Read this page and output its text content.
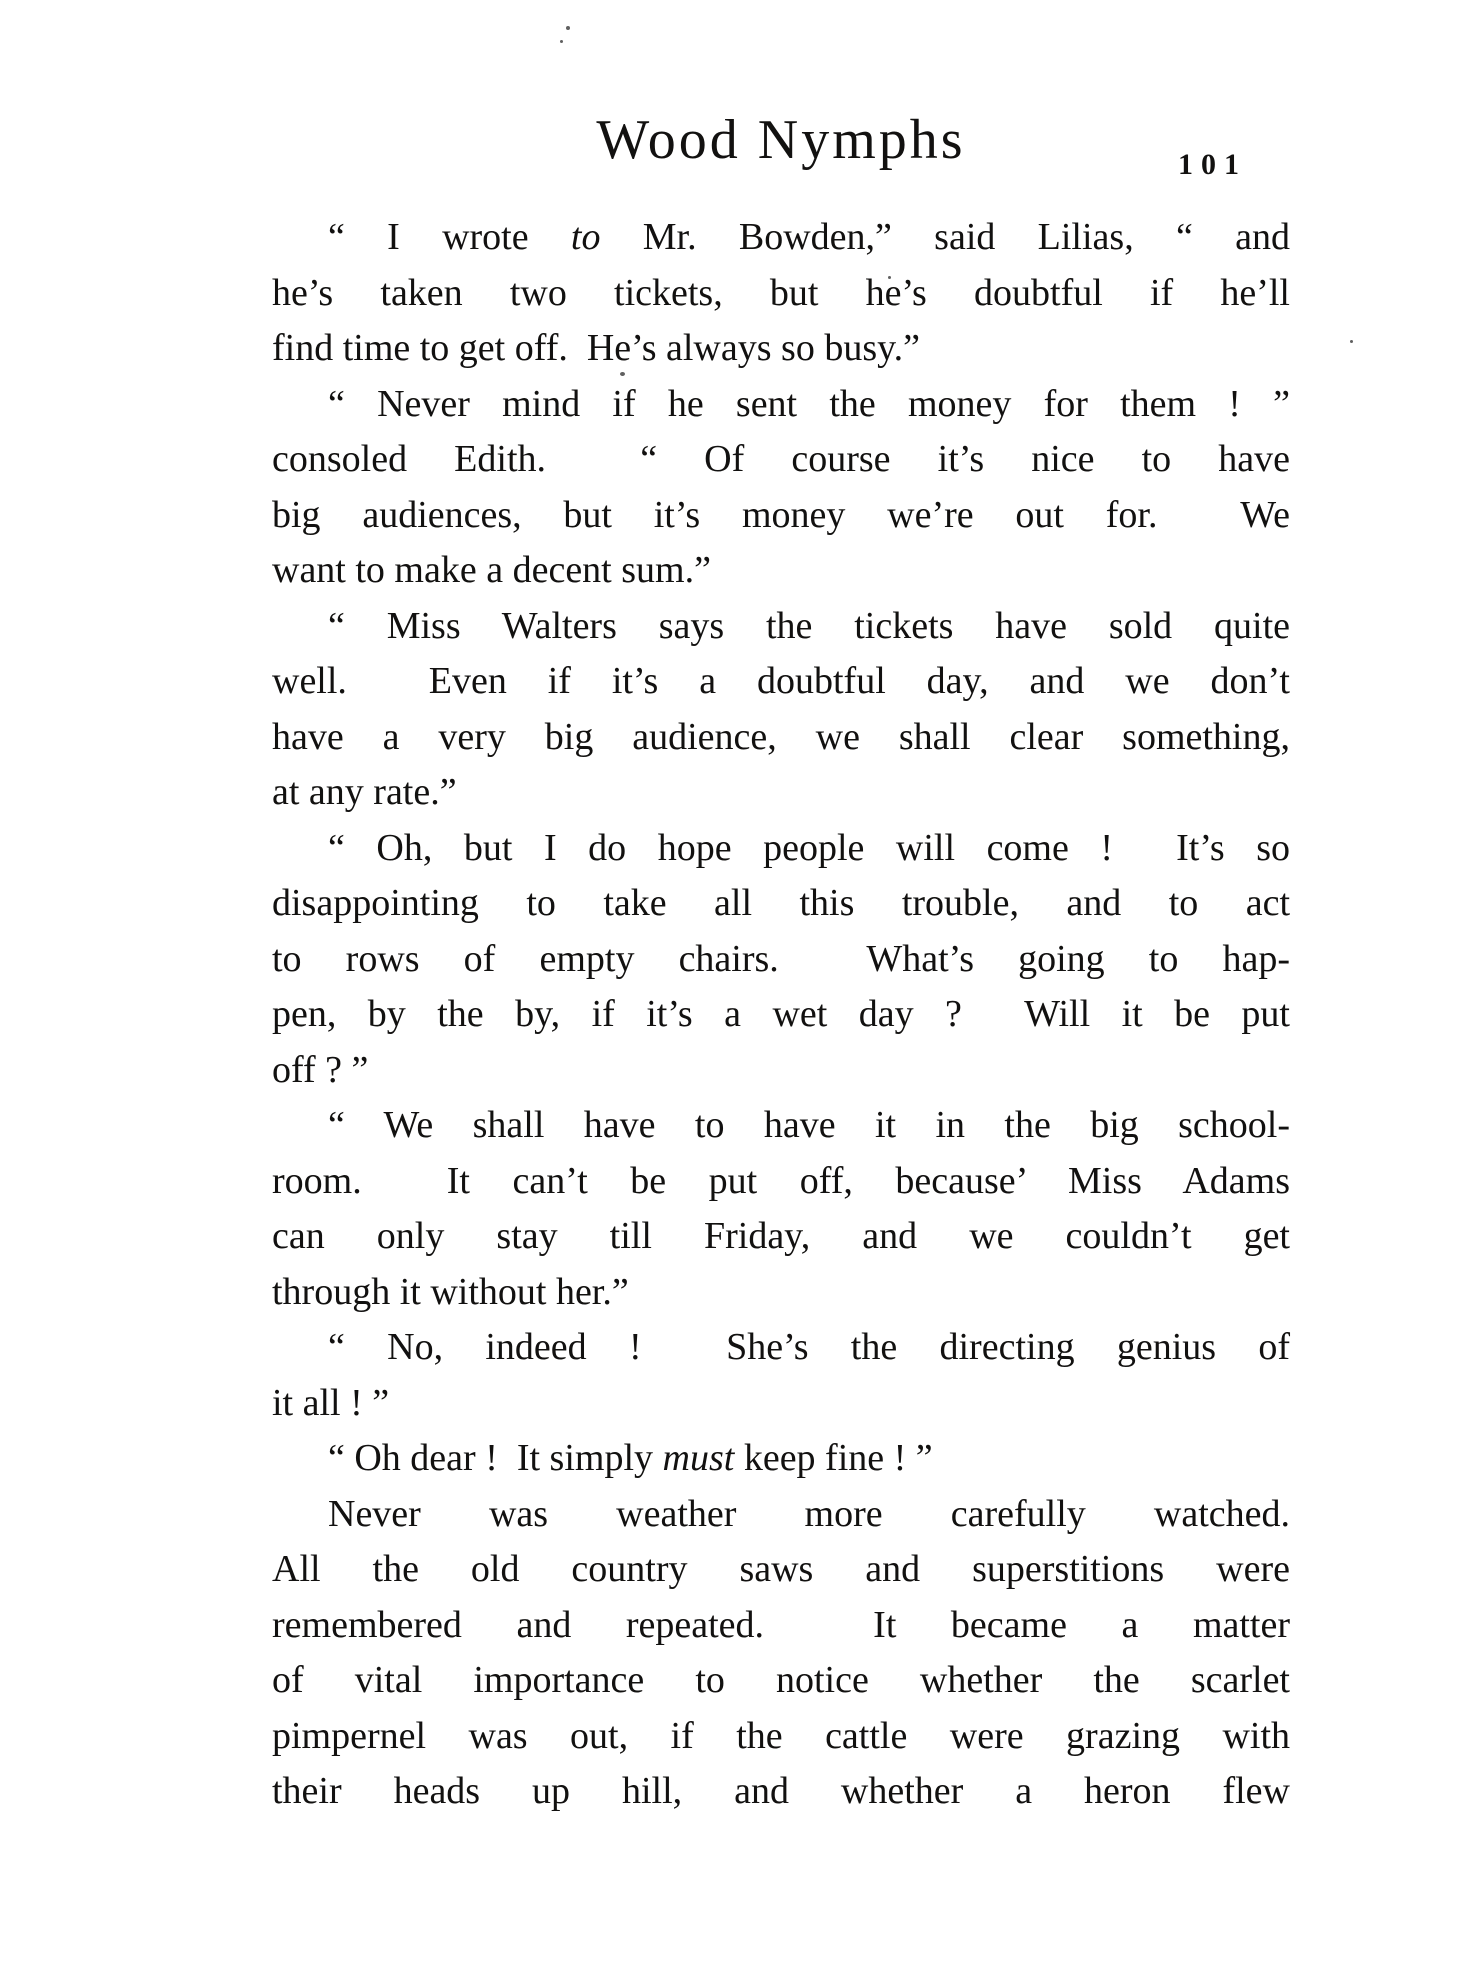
Wood Nymphs	101
“ I wrote to Mr. Bowden,” said Lilias, “ and
he’s taken two tickets, but he’s doubtful if he’ll
find time to get off.  He’s always so busy.”
“ Never mind if he sent the money for them ! ”
consoled Edith.  “ Of course it’s nice to have
big audiences, but it’s money we’re out for.  We
want to make a decent sum.”
“ Miss Walters says the tickets have sold quite
well.  Even if it’s a doubtful day, and we don’t
have a very big audience, we shall clear something,
at any rate.”
“ Oh, but I do hope people will come !  It’s so
disappointing to take all this trouble, and to act
to rows of empty chairs.  What’s going to hap-
pen, by the by, if it’s a wet day ?  Will it be put
off ? ”
“ We shall have to have it in the big school-
room.  It can’t be put off, because’ Miss Adams
can only stay till Friday, and we couldn’t get
through it without her.”
“ No, indeed !  She’s the directing genius of
it all ! ”
“ Oh dear !  It simply must keep fine ! ”
Never was weather more carefully watched.
All the old country saws and superstitions were
remembered and repeated.  It became a matter
of vital importance to notice whether the scarlet
pimpernel was out, if the cattle were grazing with
their heads up hill, and whether a heron flew
